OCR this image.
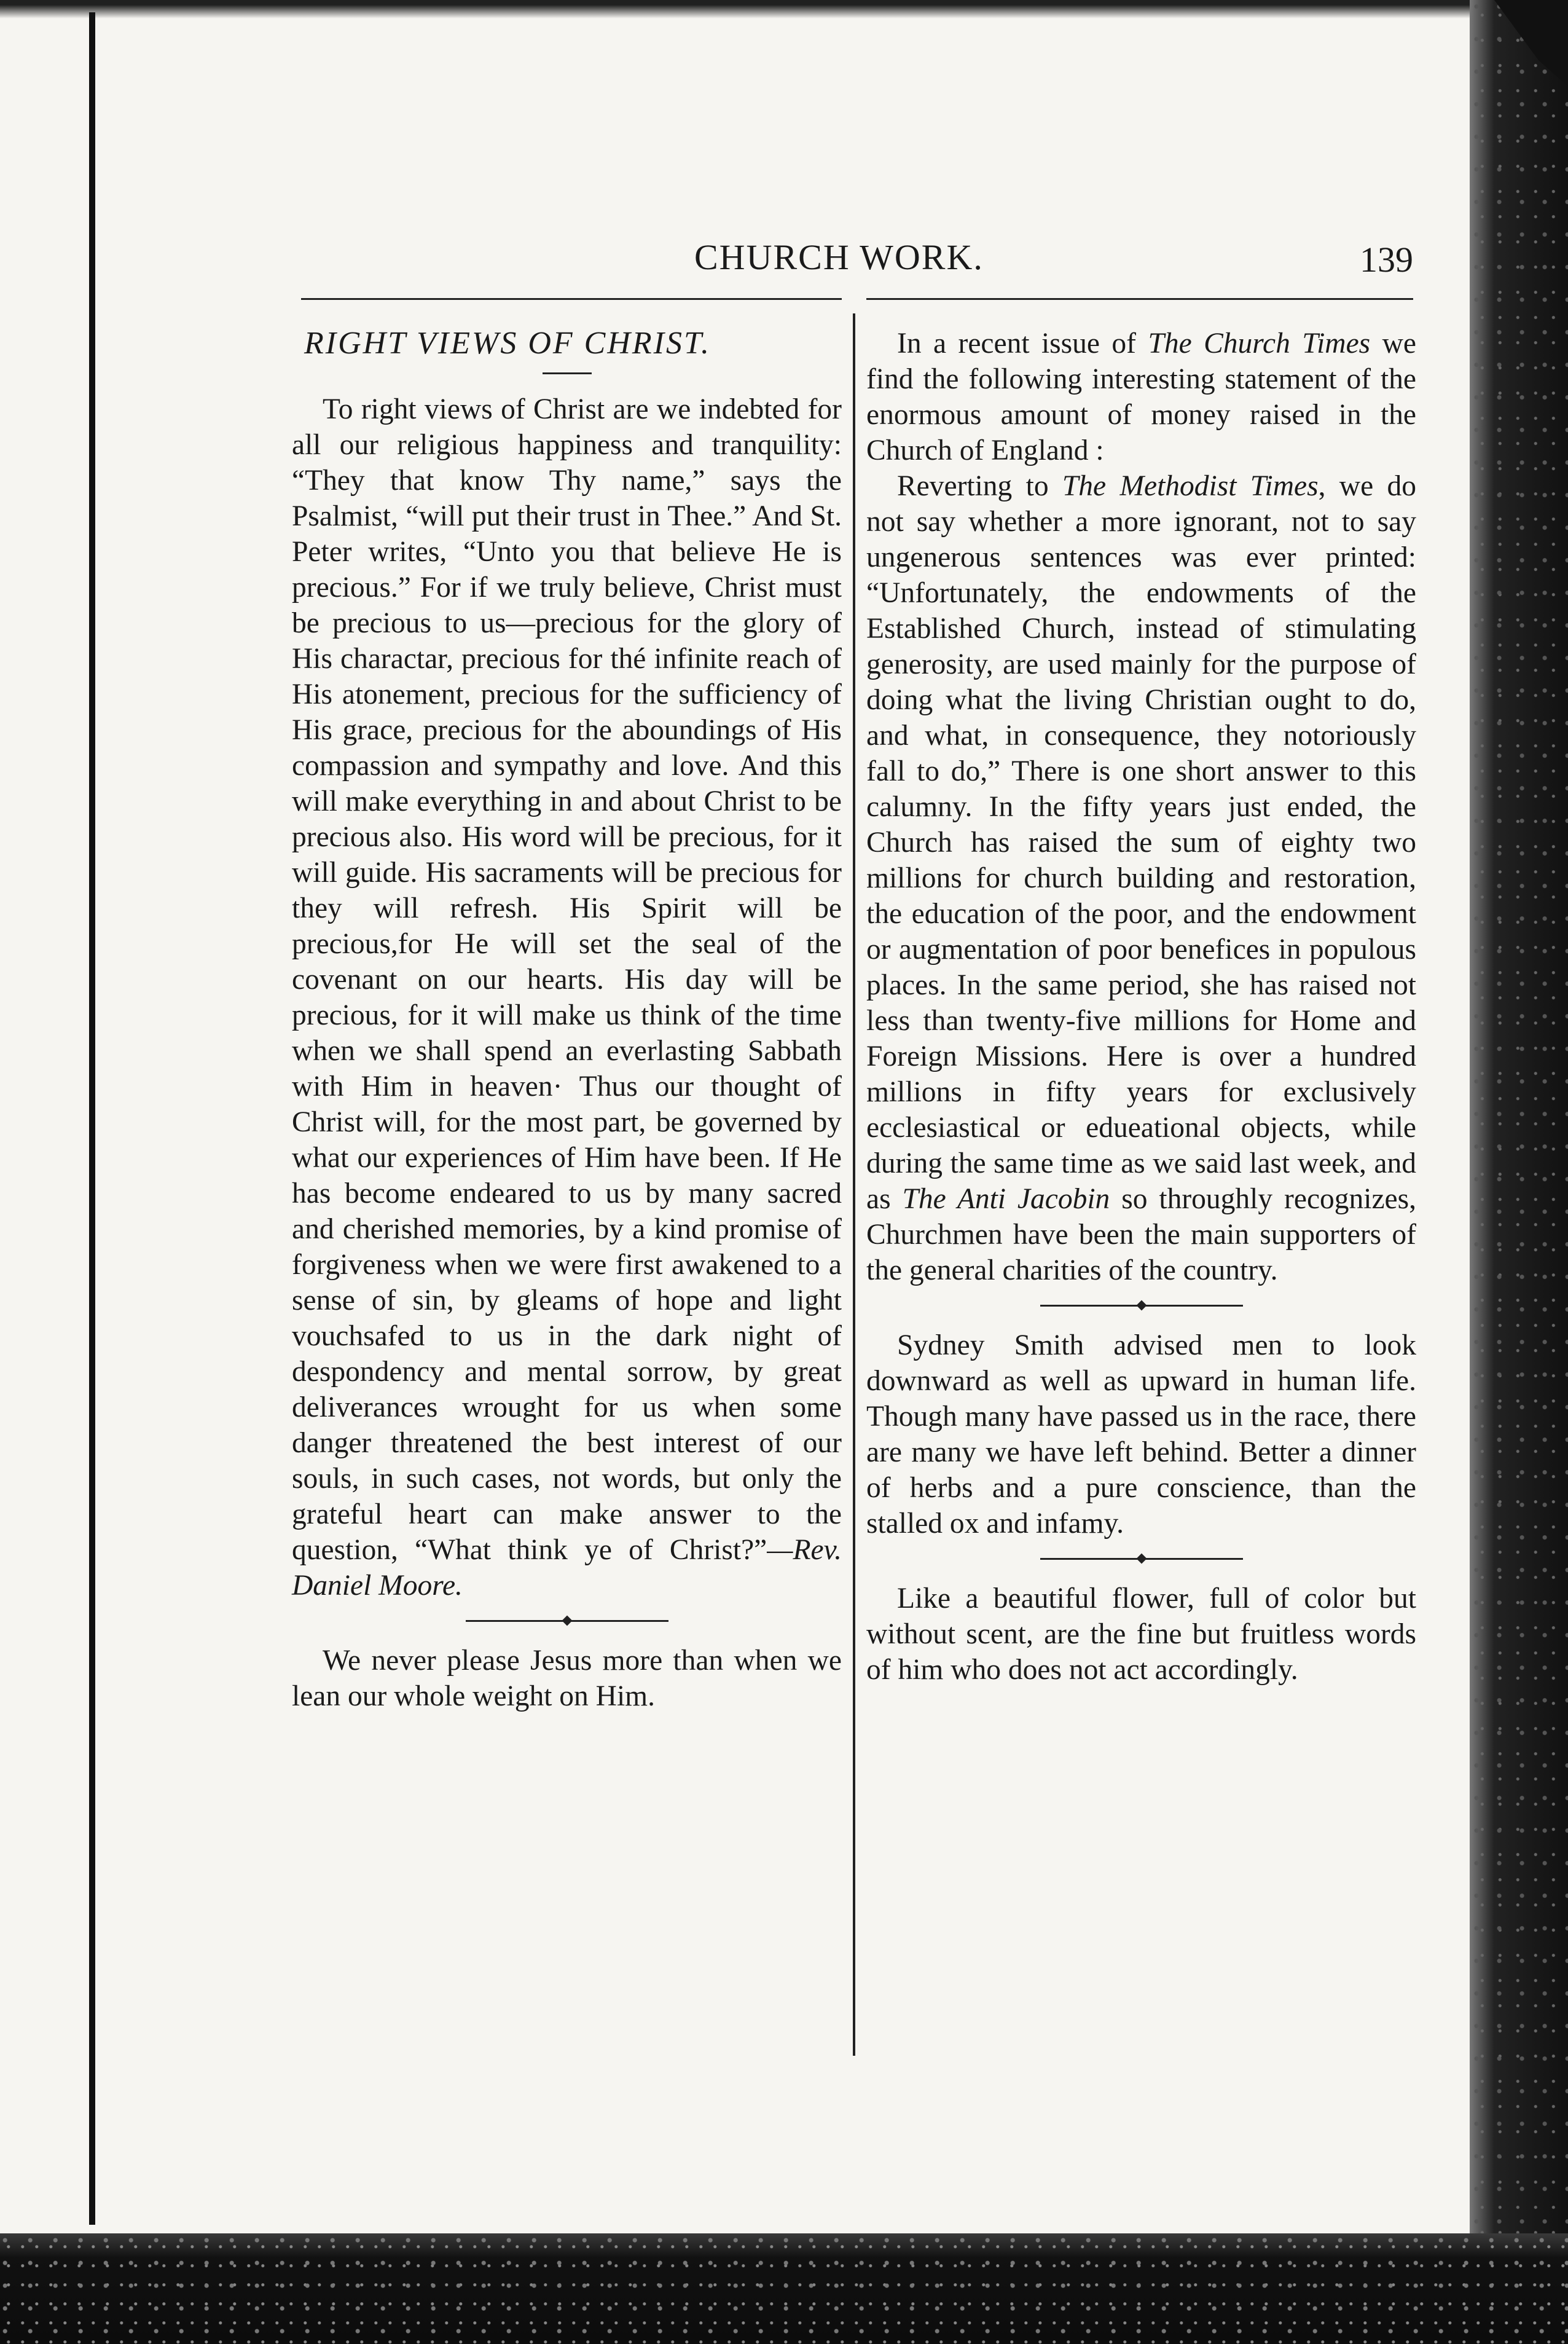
CHURCH WORK.	139
RIGHT VIEWS OF CHRIST.

To right views of Christ are we indebted for all our religious happiness and tranquility: “They that know Thy name,” says the Psalmist, “will put their trust in Thee.” And St. Peter writes, “Unto you that believe He is precious.” For if we truly believe, Christ must be precious to us—precious for the glory of His charactar, precious for thé infinite reach of His atonement, precious for the sufficiency of His grace, precious for the aboundings of His compassion and sympathy and love. And this will make everything in and about Christ to be precious also. His word will be precious, for it will guide. His sacraments will be precious for they will refresh. His Spirit will be precious,for He will set the seal of the covenant on our hearts. His day will be precious, for it will make us think of the time when we shall spend an everlasting Sabbath with Him in heaven· Thus our thought of Christ will, for the most part, be governed by what our experiences of Him have been. If He has become endeared to us by many sacred and cherished memories, by a kind promise of forgiveness when we were first awakened to a sense of sin, by gleams of hope and light vouchsafed to us in the dark night of despondency and mental sorrow, by great deliverances wrought for us when some danger threatened the best interest of our souls, in such cases, not words, but only the grateful heart can make answer to the question, “What think ye of Christ?”—Rev. Daniel Moore.

We never please Jesus more than when we lean our whole weight on Him.

In a recent issue of The Church Times we find the following interesting statement of the enormous amount of money raised in the Church of England :

Reverting to The Methodist Times, we do not say whether a more ignorant, not to say ungenerous sentences was ever printed: “Unfortunately, the endowments of the Established Church, instead of stimulating generosity, are used mainly for the purpose of doing what the living Christian ought to do, and what, in consequence, they notoriously fall to do,” There is one short answer to this calumny. In the fifty years just ended, the Church has raised the sum of eighty two millions for church building and restoration, the education of the poor, and the endowment or augmentation of poor benefices in populous places. In the same period, she has raised not less than twenty-five millions for Home and Foreign Missions. Here is over a hundred millions in fifty years for exclusively ecclesiastical or edueational objects, while during the same time as we said last week, and as The Anti Jacobin so throughly recognizes, Churchmen have been the main supporters of the general charities of the country.

Sydney Smith advised men to look downward as well as upward in human life. Though many have passed us in the race, there are many we have left behind. Better a dinner of herbs and a pure conscience, than the stalled ox and infamy.

Like a beautiful flower, full of color but without scent, are the fine but fruitless words of him who does not act accordingly.
